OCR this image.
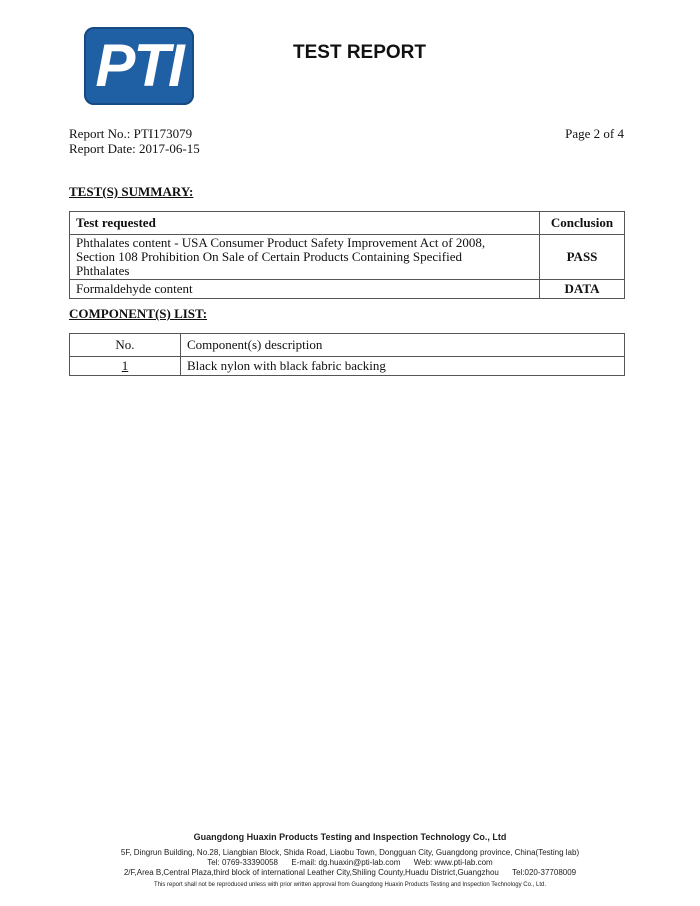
PTI	TEST REPORT
Report No.: PTI173079
Report Date: 2017-06-15
Page 2 of 4
TEST(S) SUMMARY:
Test requested	Conclusion
Phthalates content - USA Consumer Product Safety Improvement Act of 2008, Section 108 Prohibition On Sale of Certain Products Containing Specified Phthalates	PASS
Formaldehyde content	DATA
COMPONENT(S) LIST:
No.	Component(s) description
1	Black nylon with black fabric backing
Guangdong Huaxin Products Testing and Inspection Technology Co., Ltd
5F, Dingrun Building, No.28, Liangbian Block, Shida Road, Liaobu Town, Dongguan City, Guangdong province, China(Testing lab)
Tel: 0769-33390058      E-mail: dg.huaxin@pti-lab.com      Web: www.pti-lab.com
2/F,Area B,Central Plaza,third block of international Leather City,Shiling County,Huadu District,Guangzhou      Tel:020-37708009
This report shall not be reproduced unless with prior written approval from Guangdong Huaxin Products Testing and Inspection Technology Co., Ltd.
